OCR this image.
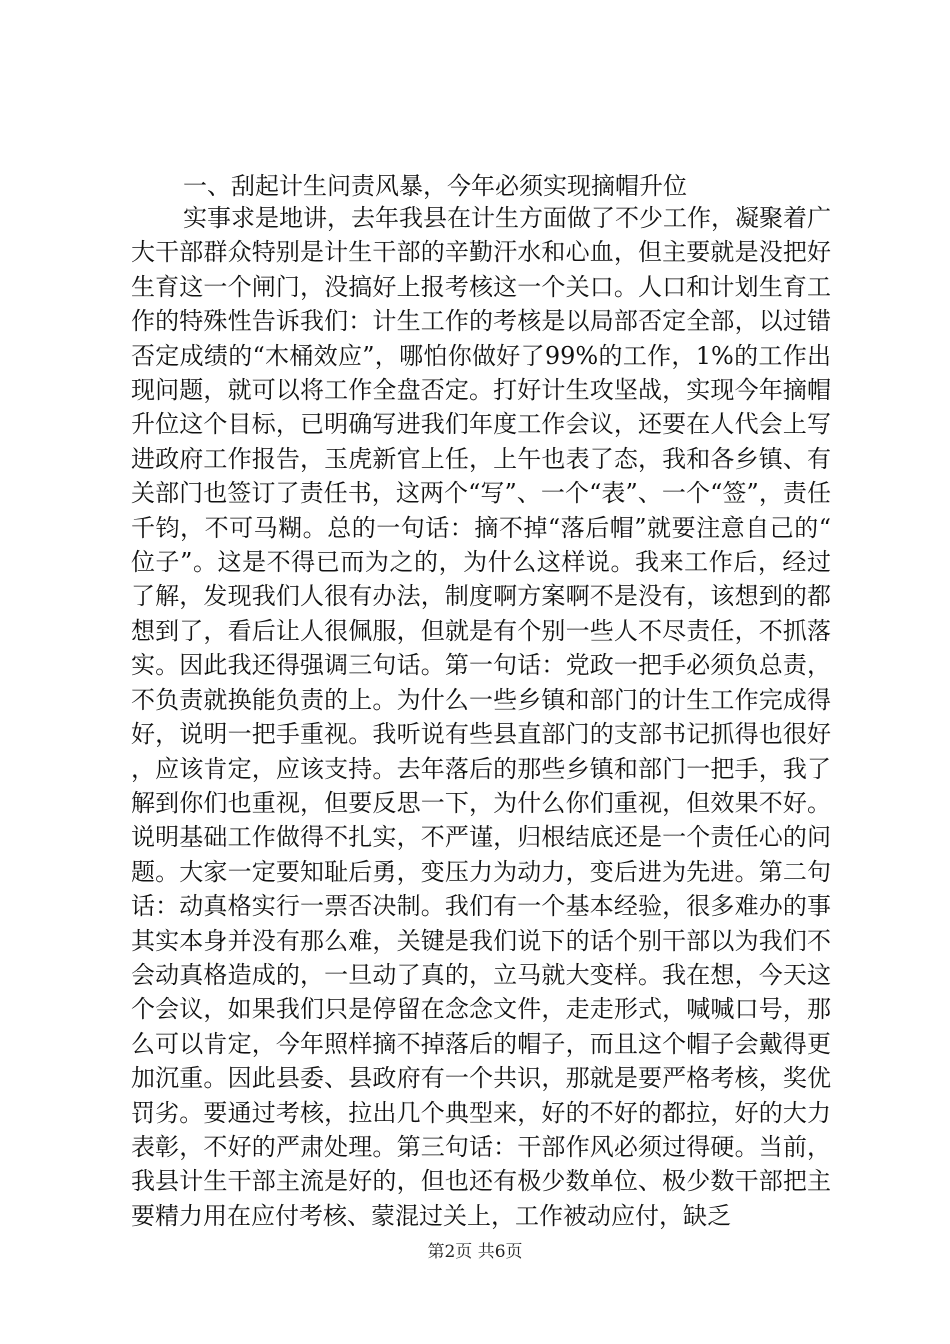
一、刮起计生问责风暴，今年必须实现摘帽升位

实事求是地讲，去年我县在计生方面做了不少工作，凝聚着广大干部群众特别是计生干部的辛勤汗水和心血，但主要就是没把好生育这一个闸门，没搞好上报考核这一个关口。人口和计划生育工作的特殊性告诉我们：计生工作的考核是以局部否定全部，以过错否定成绩的“木桶效应”，哪怕你做好了99%的工作，1%的工作出现问题，就可以将工作全盘否定。打好计生攻坚战，实现今年摘帽升位这个目标，已明确写进我们年度工作会议，还要在人代会上写进政府工作报告，玉虎新官上任，上午也表了态，我和各乡镇、有关部门也签订了责任书，这两个“写”、一个“表”、一个“签”，责任千钧，不可马糊。总的一句话：摘不掉“落后帽”就要注意自己的“位子”。这是不得已而为之的，为什么这样说。我来工作后，经过了解，发现我们人很有办法，制度啊方案啊不是没有，该想到的都想到了，看后让人很佩服，但就是有个别一些人不尽责任，不抓落实。因此我还得强调三句话。第一句话：党政一把手必须负总责，不负责就换能负责的上。为什么一些乡镇和部门的计生工作完成得好，说明一把手重视。我听说有些县直部门的支部书记抓得也很好，应该肯定，应该支持。去年落后的那些乡镇和部门一把手，我了解到你们也重视，但要反思一下，为什么你们重视，但效果不好。说明基础工作做得不扎实，不严谨，归根结底还是一个责任心的问题。大家一定要知耻后勇，变压力为动力，变后进为先进。第二句话：动真格实行一票否决制。我们有一个基本经验，很多难办的事其实本身并没有那么难，关键是我们说下的话个别干部以为我们不会动真格造成的，一旦动了真的，立马就大变样。我在想，今天这个会议，如果我们只是停留在念念文件，走走形式，喊喊口号，那么可以肯定，今年照样摘不掉落后的帽子，而且这个帽子会戴得更加沉重。因此县委、县政府有一个共识，那就是要严格考核，奖优罚劣。要通过考核，拉出几个典型来，好的不好的都拉，好的大力表彰，不好的严肃处理。第三句话：干部作风必须过得硬。当前，我县计生干部主流是好的，但也还有极少数单位、极少数干部把主要精力用在应付考核、蒙混过关上，工作被动应付，缺乏

第2页 共6页
